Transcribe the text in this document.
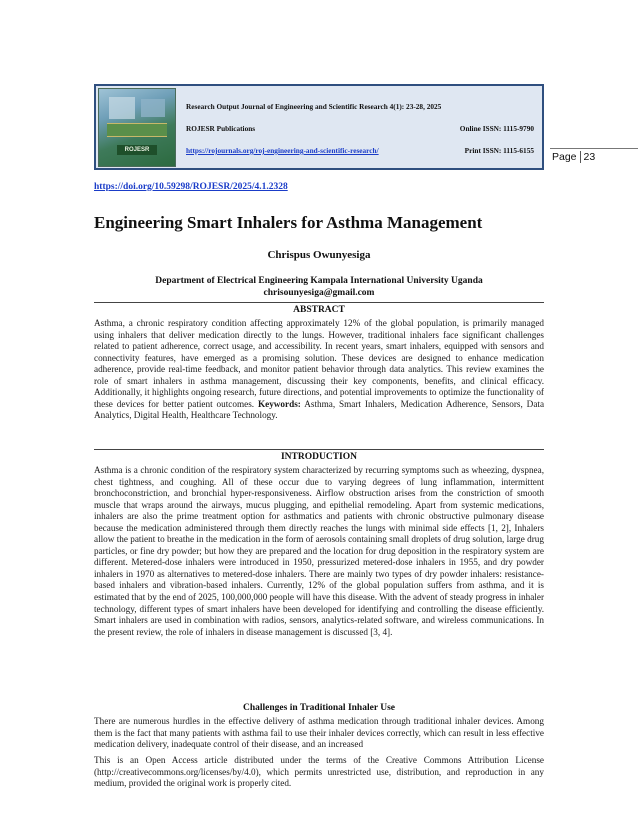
ROJESR
Research Output Journal of Engineering and Scientific Research 4(1): 23-28, 2025
ROJESR Publications	Online ISSN: 1115-9790
https://rojournals.org/roj-engineering-and-scientific-research/	Print ISSN: 1115-6155
Page 23
https://doi.org/10.59298/ROJESR/2025/4.1.2328
Engineering Smart Inhalers for Asthma Management
Chrispus Owunyesiga
Department of Electrical Engineering Kampala International University Uganda
chrisounyesiga@gmail.com
ABSTRACT
Asthma, a chronic respiratory condition affecting approximately 12% of the global population, is primarily managed using inhalers that deliver medication directly to the lungs. However, traditional inhalers face significant challenges related to patient adherence, correct usage, and accessibility. In recent years, smart inhalers, equipped with sensors and connectivity features, have emerged as a promising solution. These devices are designed to enhance medication adherence, provide real-time feedback, and monitor patient behavior through data analytics. This review examines the role of smart inhalers in asthma management, discussing their key components, benefits, and clinical efficacy. Additionally, it highlights ongoing research, future directions, and potential improvements to optimize the functionality of these devices for better patient outcomes. Keywords: Asthma, Smart Inhalers, Medication Adherence, Sensors, Data Analytics, Digital Health, Healthcare Technology.
INTRODUCTION
Asthma is a chronic condition of the respiratory system characterized by recurring symptoms such as wheezing, dyspnea, chest tightness, and coughing. All of these occur due to varying degrees of lung inflammation, intermittent bronchoconstriction, and bronchial hyper-responsiveness. Airflow obstruction arises from the constriction of smooth muscle that wraps around the airways, mucus plugging, and epithelial remodeling. Apart from systemic medications, inhalers are also the prime treatment option for asthmatics and patients with chronic obstructive pulmonary disease because the medication administered through them directly reaches the lungs with minimal side effects [1, 2], Inhalers allow the patient to breathe in the medication in the form of aerosols containing small droplets of drug solution, large drug particles, or fine dry powder; but how they are prepared and the location for drug deposition in the respiratory system are different. Metered-dose inhalers were introduced in 1950, pressurized metered-dose inhalers in 1955, and dry powder inhalers in 1970 as alternatives to metered-dose inhalers. There are mainly two types of dry powder inhalers: resistance-based inhalers and vibration-based inhalers. Currently, 12% of the global population suffers from asthma, and it is estimated that by the end of 2025, 100,000,000 people will have this disease. With the advent of steady progress in inhaler technology, different types of smart inhalers have been developed for identifying and controlling the disease efficiently. Smart inhalers are used in combination with radios, sensors, analytics-related software, and wireless communications. In the present review, the role of inhalers in disease management is discussed [3, 4].
Challenges in Traditional Inhaler Use
There are numerous hurdles in the effective delivery of asthma medication through traditional inhaler devices. Among them is the fact that many patients with asthma fail to use their inhaler devices correctly, which can result in less effective medication delivery, inadequate control of their disease, and an increased
This is an Open Access article distributed under the terms of the Creative Commons Attribution License (http://creativecommons.org/licenses/by/4.0), which permits unrestricted use, distribution, and reproduction in any medium, provided the original work is properly cited.
